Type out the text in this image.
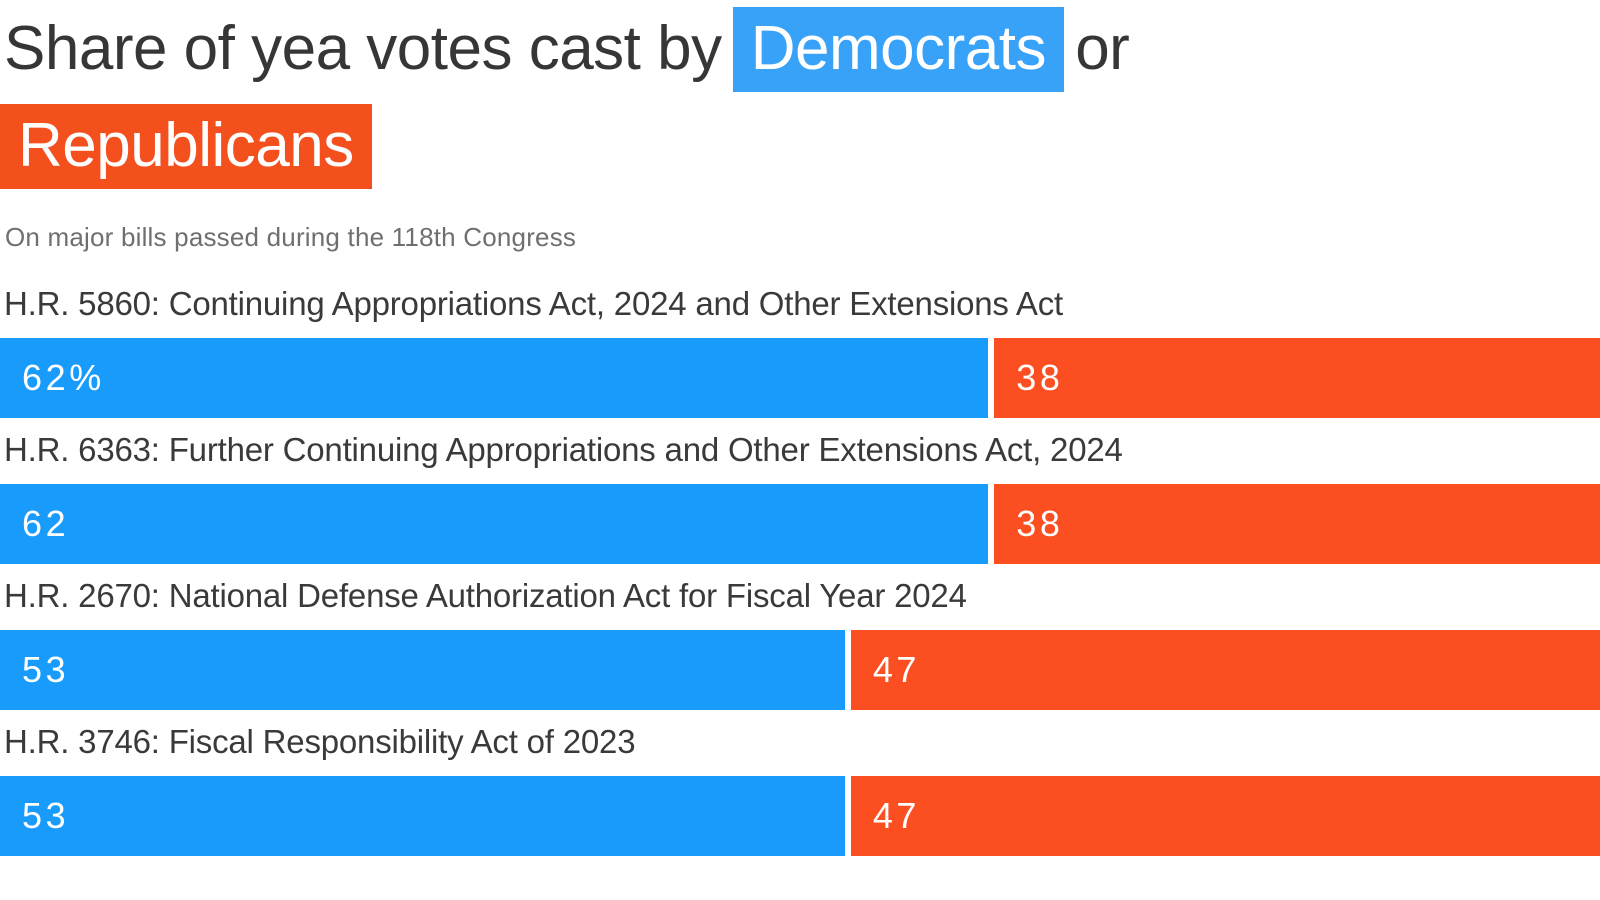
Share of yea votes cast by Democrats or
Republicans
On major bills passed during the 118th Congress
H.R. 5860: Continuing Appropriations Act, 2024 and Other Extensions Act
62%	38
H.R. 6363: Further Continuing Appropriations and Other Extensions Act, 2024
62	38
H.R. 2670: National Defense Authorization Act for Fiscal Year 2024
53	47
H.R. 3746: Fiscal Responsibility Act of 2023
53	47
